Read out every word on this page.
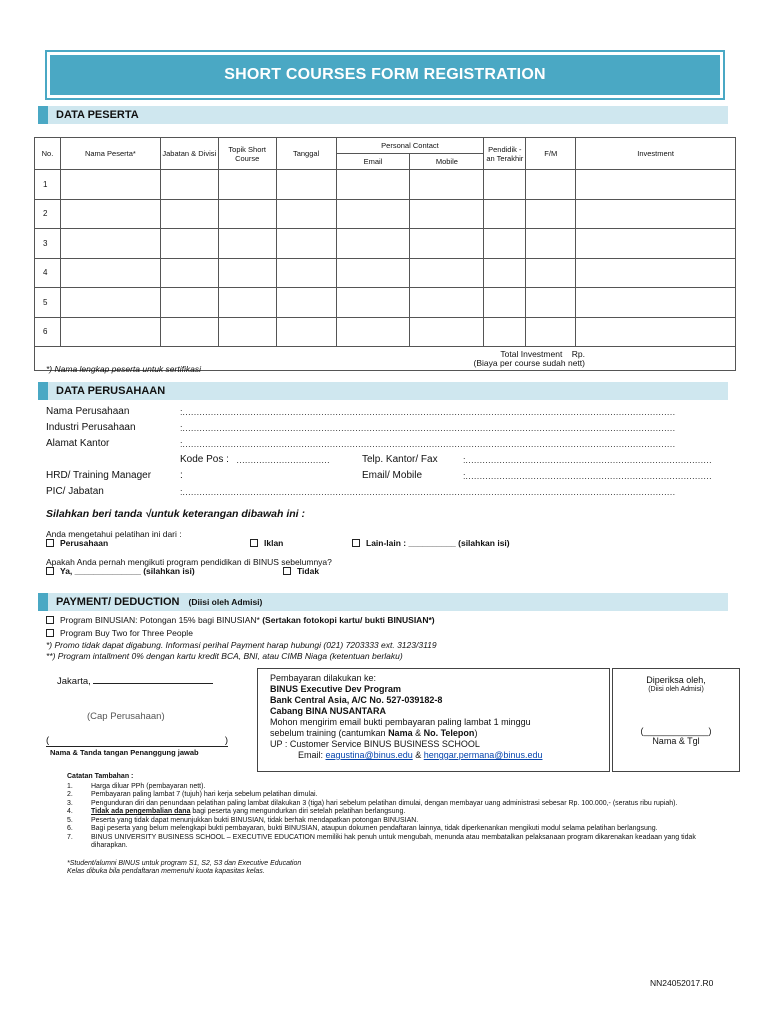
SHORT COURSES FORM REGISTRATION
DATA PESERTA
No.	Nama Peserta*	Jabatan & Divisi	Topik Short Course	Tanggal	Personal Contact		Pendidik -an Terakhir	F/M	Investment
					Email	Mobile			
1									
2									
3									
4									
5									
6									

Total Investment    Rp.
(Biaya per course sudah nett)									
*) Nama lengkap peserta untuk sertifikasi
DATA PERUSAHAAN
Nama Perusahaan	:…………………………………………………………………………………………………………………………………………………………
Industri Perusahaan	:…………………………………………………………………………………………………………………………………………………………
Alamat Kantor	:…………………………………………………………………………………………………………………………………………………………
Kode Pos : ……………………………	Telp. Kantor/ Fax	:……………………………………………………………………………
HRD/ Training Manager	:	Email/ Mobile	:……………………………………………………………………………
PIC/ Jabatan	:…………………………………………………………………………………………………………………………………………………………
Silahkan beri tanda √untuk keterangan dibawah ini :
Anda mengetahui pelatihan ini dari :
Perusahaan	Iklan	Lain-lain : __________ (silahkan isi)
Apakah Anda pernah mengikuti program pendidikan di BINUS sebelumnya?
Ya, ______________ (silahkan isi)	Tidak
PAYMENT/ DEDUCTION (Diisi oleh Admisi)
Program BINUSIAN: Potongan 15% bagi BINUSIAN* (Sertakan fotokopi kartu/ bukti BINUSIAN*)
Program Buy Two for Three People
*) Promo tidak dapat digabung. Informasi perihal Payment harap hubungi (021) 7203333 ext. 3123/3119
**) Program intallment 0% dengan kartu kredit BCA, BNI, atau CIMB Niaga (ketentuan berlaku)
Jakarta,
(Cap Perusahaan)
(	)
Nama & Tanda tangan Penanggung jawab
Pembayaran dilakukan ke:
BINUS Executive Dev Program
Bank Central Asia, A/C No. 527-039182-8
Cabang BINA NUSANTARA
Mohon mengirim email bukti pembayaran paling lambat 1 minggu
sebelum training (cantumkan Nama & No. Telepon)
UP : Customer Service BINUS BUSINESS SCHOOL
Email: eagustina@binus.edu & henggar.permana@binus.edu
Diperiksa oleh,
(Diisi oleh Admisi)
(_____________)
Nama & Tgl
Catatan Tambahan :
1.	Harga diluar PPh (pembayaran nett).
2.	Pembayaran paling lambat 7 (tujuh) hari kerja sebelum pelatihan dimulai.
3.	Pengunduran diri dan penundaan pelatihan paling lambat dilakukan 3 (tiga) hari sebelum pelatihan dimulai, dengan membayar uang administrasi sebesar Rp. 100.000,- (seratus ribu rupiah).
4.	Tidak ada pengembalian dana bagi peserta yang mengundurkan diri setelah pelatihan berlangsung.
5.	Peserta yang tidak dapat menunjukkan bukti BINUSIAN, tidak berhak mendapatkan potongan BINUSIAN.
6.	Bagi peserta yang belum melengkapi bukti pembayaran, bukti BINUSIAN, ataupun dokumen pendaftaran lainnya, tidak diperkenankan mengikuti modul selama pelatihan berlangsung.
7.	BINUS UNIVERSITY BUSINESS SCHOOL – EXECUTIVE EDUCATION memiliki hak penuh untuk mengubah, menunda atau membatalkan pelaksanaan program dikarenakan keadaan yang tidak diharapkan.
*Student/alumni BINUS untuk program S1, S2, S3 dan Executive Education
Kelas dibuka bila pendaftaran memenuhi kuota kapasitas kelas.
NN24052017.R0
